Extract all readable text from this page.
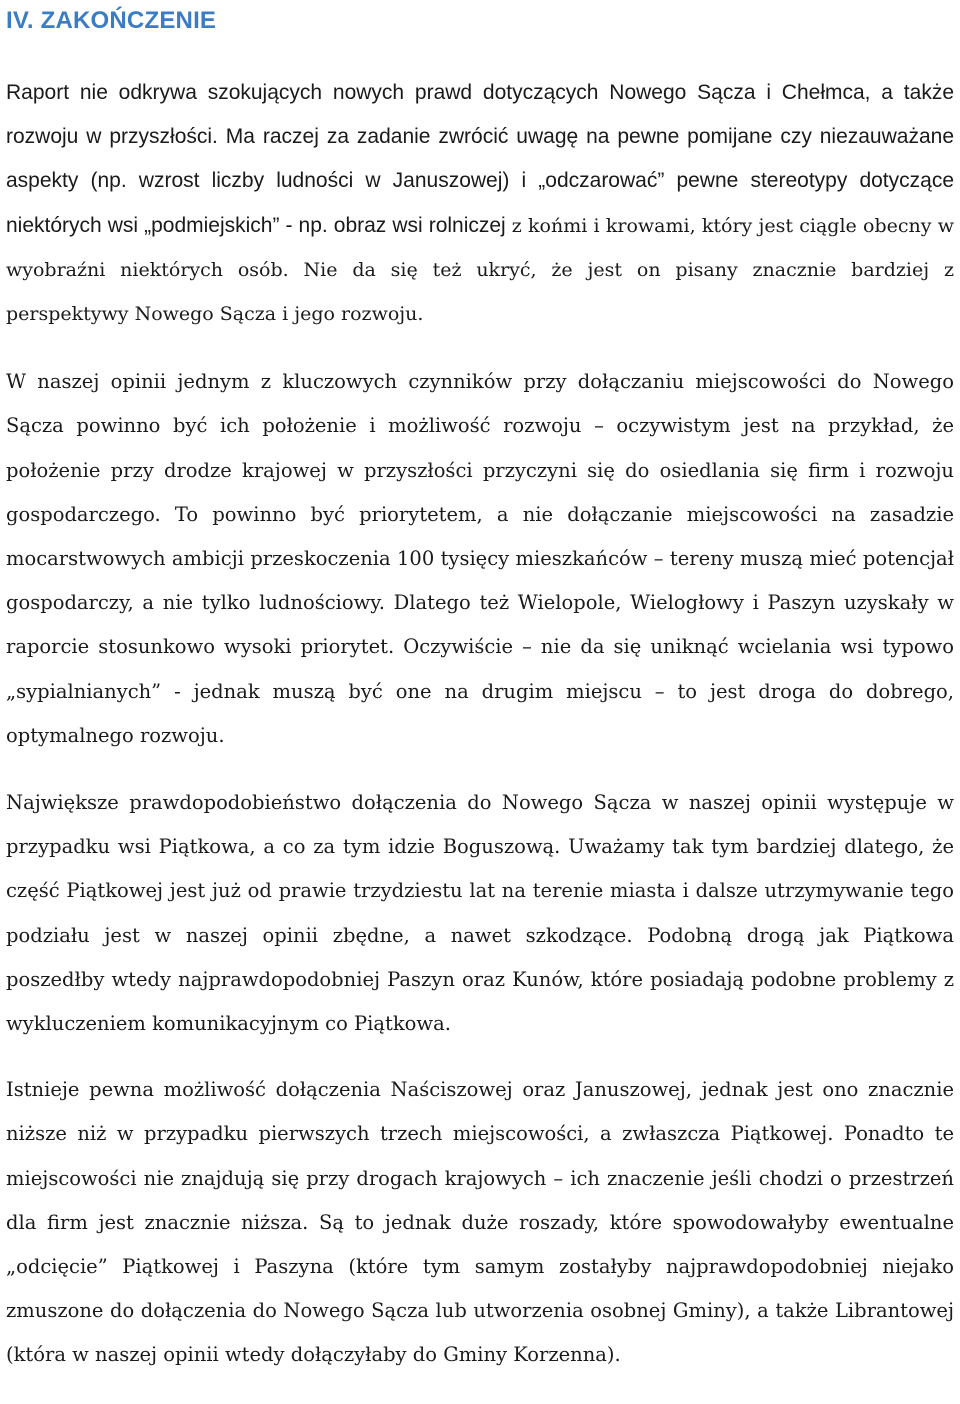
IV. ZAKOŃCZENIE

Raport nie odkrywa szokujących nowych prawd dotyczących Nowego Sącza i Chełmca, a także rozwoju w przyszłości. Ma raczej za zadanie zwrócić uwagę na pewne pomijane czy niezauważane aspekty (np. wzrost liczby ludności w Januszowej) i „odczarować” pewne stereotypy dotyczące niektórych wsi „podmiejskich” - np. obraz wsi rolniczej z końmi i krowami, który jest ciągle obecny w wyobraźni niektórych osób. Nie da się też ukryć, że jest on pisany znacznie bardziej z perspektywy Nowego Sącza i jego rozwoju.

W naszej opinii jednym z kluczowych czynników przy dołączaniu miejscowości do Nowego Sącza powinno być ich położenie i możliwość rozwoju – oczywistym jest na przykład, że położenie przy drodze krajowej w przyszłości przyczyni się do osiedlania się firm i rozwoju gospodarczego. To powinno być priorytetem, a nie dołączanie miejscowości na zasadzie mocarstwowych ambicji przeskoczenia 100 tysięcy mieszkańców – tereny muszą mieć potencjał gospodarczy, a nie tylko ludnościowy. Dlatego też Wielopole, Wielogłowy i Paszyn uzyskały w raporcie stosunkowo wysoki priorytet. Oczywiście – nie da się uniknąć wcielania wsi typowo „sypialnianych” - jednak muszą być one na drugim miejscu – to jest droga do dobrego, optymalnego rozwoju.

Największe prawdopodobieństwo dołączenia do Nowego Sącza w naszej opinii występuje w przypadku wsi Piątkowa, a co za tym idzie Boguszową. Uważamy tak tym bardziej dlatego, że część Piątkowej jest już od prawie trzydziestu lat na terenie miasta i dalsze utrzymywanie tego podziału jest w naszej opinii zbędne, a nawet szkodzące. Podobną drogą jak Piątkowa poszedłby wtedy najprawdopodobniej Paszyn oraz Kunów, które posiadają podobne problemy z wykluczeniem komunikacyjnym co Piątkowa.

Istnieje pewna możliwość dołączenia Naściszowej oraz Januszowej, jednak jest ono znacznie niższe niż w przypadku pierwszych trzech miejscowości, a zwłaszcza Piątkowej. Ponadto te miejscowości nie znajdują się przy drogach krajowych – ich znaczenie jeśli chodzi o przestrzeń dla firm jest znacznie niższa. Są to jednak duże roszady, które spowodowałyby ewentualne „odcięcie” Piątkowej i Paszyna (które tym samym zostałyby najprawdopodobniej niejako zmuszone do dołączenia do Nowego Sącza lub utworzenia osobnej Gminy), a także Librantowej (która w naszej opinii wtedy dołączyłaby do Gminy Korzenna).
